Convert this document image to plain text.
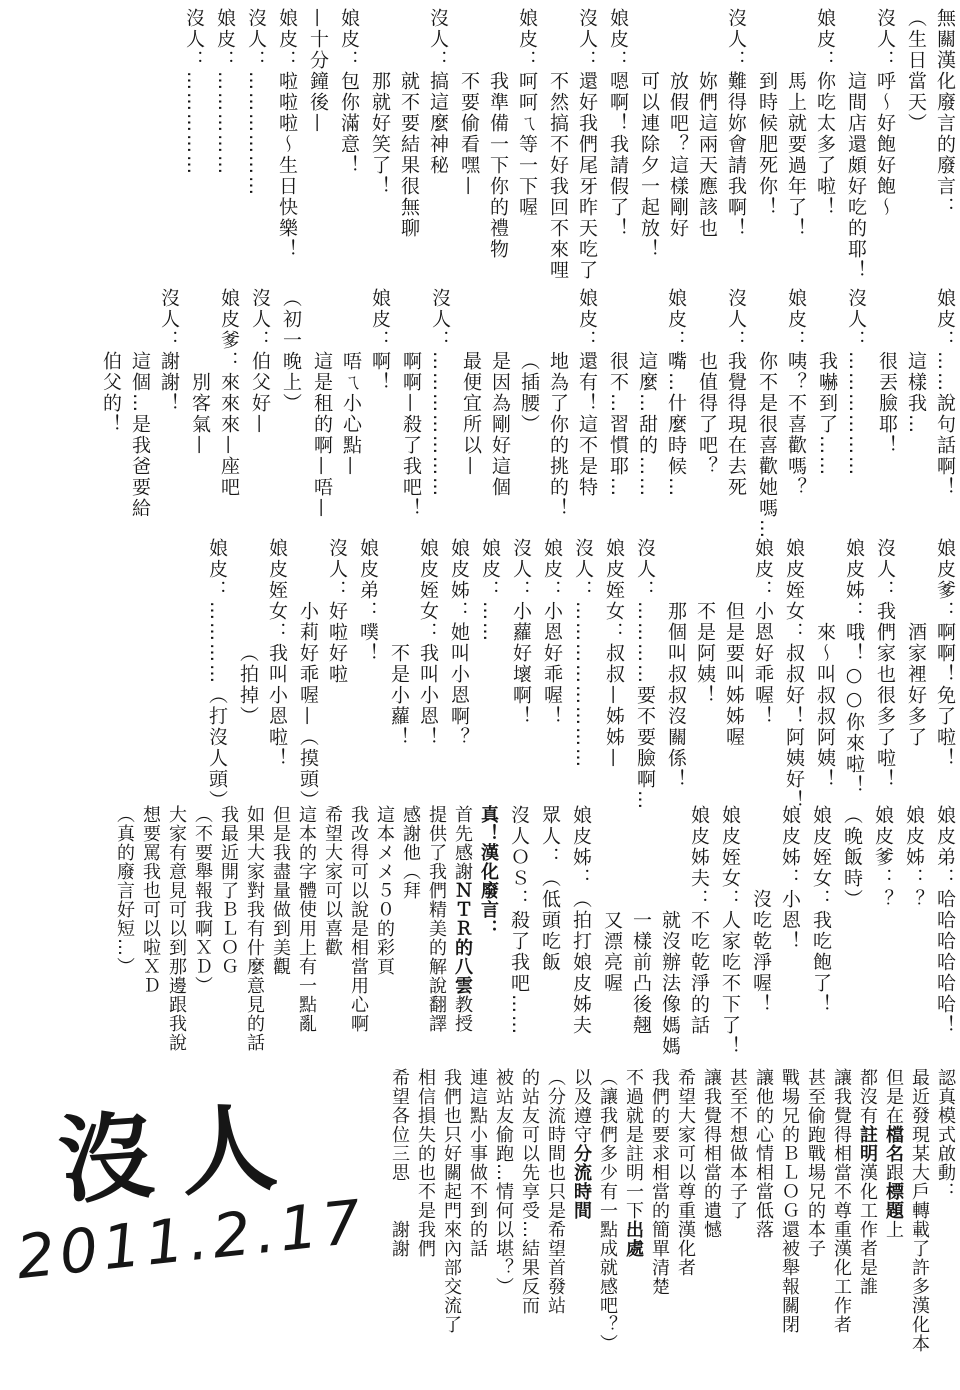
無關漢化廢言的廢言：
（生日當天）
沒人：呼～好飽好飽～
這間店還頗好吃的耶！
娘皮：你吃太多了啦！
馬上就要過年了！
到時候肥死你！
沒人：難得妳會請我啊！
妳們這兩天應該也
放假吧？這樣剛好
可以連除夕一起放！
娘皮：嗯啊！我請假了！
沒人：還好我們尾牙昨天吃了
不然搞不好我回不來哩
娘皮：呵呵ㄟ等一下喔
我準備一下你的禮物
不要偷看嘿—
沒人：搞這麼神秘
就不要結果很無聊
那就好笑了！
娘皮：包你滿意！
—十分鐘後—
娘皮：啦啦啦～生日快樂！
沒人：………………
娘皮：……………
沒人：……………
娘皮：……說句話啊！
這樣我…
很丟臉耶！
沒人：………………
我嚇到了……
娘皮：咦？不喜歡嗎？
你不是很喜歡她嗎…
沒人：我覺得現在去死
也值得了吧？
娘皮：嘴…什麼時候…
這麼…甜的……
很不…習慣耶…
娘皮：還有！這不是特
地為了你的挑的！
（插腰）
是因為剛好這個
最便宜所以—
沒人：…………………
啊啊—殺了我吧！
娘皮：啊！
唔ㄟ小心點—
這是租的啊—唔—
（初一晚上）
沒人：伯父好—
娘皮爹：來來來—座吧
別客氣—
沒人：謝謝！
這個…是我爸要給
伯父的！
娘皮爹：啊啊！免了啦！
酒家裡好多了
沒人：我們家也很多了啦！
娘皮姊：哦！○○你來啦！
來～叫叔叔阿姨！
娘皮姪女：叔叔好！阿姨好！
娘皮：小恩好乖喔！
但是要叫姊姊喔
不是阿姨！
那個叫叔叔沒關係！
沒人：…………要不要臉啊…
娘皮姪女：叔叔—姊姊—
沒人：……………………
娘皮：小恩好乖喔！
沒人：小蘿好壞啊！
娘皮：……
娘皮姊：她叫小恩啊？
娘皮姪女：我叫小恩！
不是小蘿！
娘皮弟：噗！
沒人：好啦好啦
小莉好乖喔—（摸頭）
娘皮姪女：我叫小恩啦！
（拍掉）
娘皮：…………（打沒人頭）
娘皮弟：哈哈哈哈哈哈！
娘皮姊：？
娘皮爹：？
（晚飯時）
娘皮姪女：我吃飽了！
娘皮姊：小恩！
沒吃乾淨喔！
娘皮姪女：人家吃不下了！
娘皮姊夫：不吃乾淨的話
就沒辦法像媽媽
一樣前凸後翹
又漂亮喔
娘皮姊：（拍打娘皮姊夫
眾人：（低頭吃飯
沒人ＯＳ：殺了我吧……
真！漢化廢言：
首先感謝ＮＴＲ的八雲教授
提供了我們精美的解說翻譯
感謝他（拜
這本メメ５０的彩頁
我改得可以說是相當用心啊
希望大家可以喜歡
這本的字體使用上有一點亂
但是我盡量做到美觀
如果大家對我有什麼意見的話
我最近開了ＢＬＯＧ
（不要舉報我啊ＸＤ）
大家有意見可以到那邊跟我說
想要罵我也可以啦ＸＤ
（真的廢言好短…）
認真模式啟動：
最近發現某大戶轉載了許多漢化本
但是在檔名跟標題上
都沒有註明漢化工作者是誰
讓我覺得相當不尊重漢化工作者
甚至偷跑戰場兄的本子
戰場兄的ＢＬＯＧ還被舉報關閉
讓他的心情相當低落
甚至不想做本子了
讓我覺得相當的遺憾
希望大家可以尊重漢化者
我們的要求相當的簡單清楚
不過就是註明一下出處
（讓我們多少有一點成就感吧？）
以及遵守分流時間
（分流時間也只是希望首發站
的站友可以先享受…結果反而
被站友偷跑…情何以堪？）
連這點小事做不到的話
我們也只好關起門來內部交流了
相信損失的也不是我們
希望各位三思　　謝謝
沒人
2011.2.17
